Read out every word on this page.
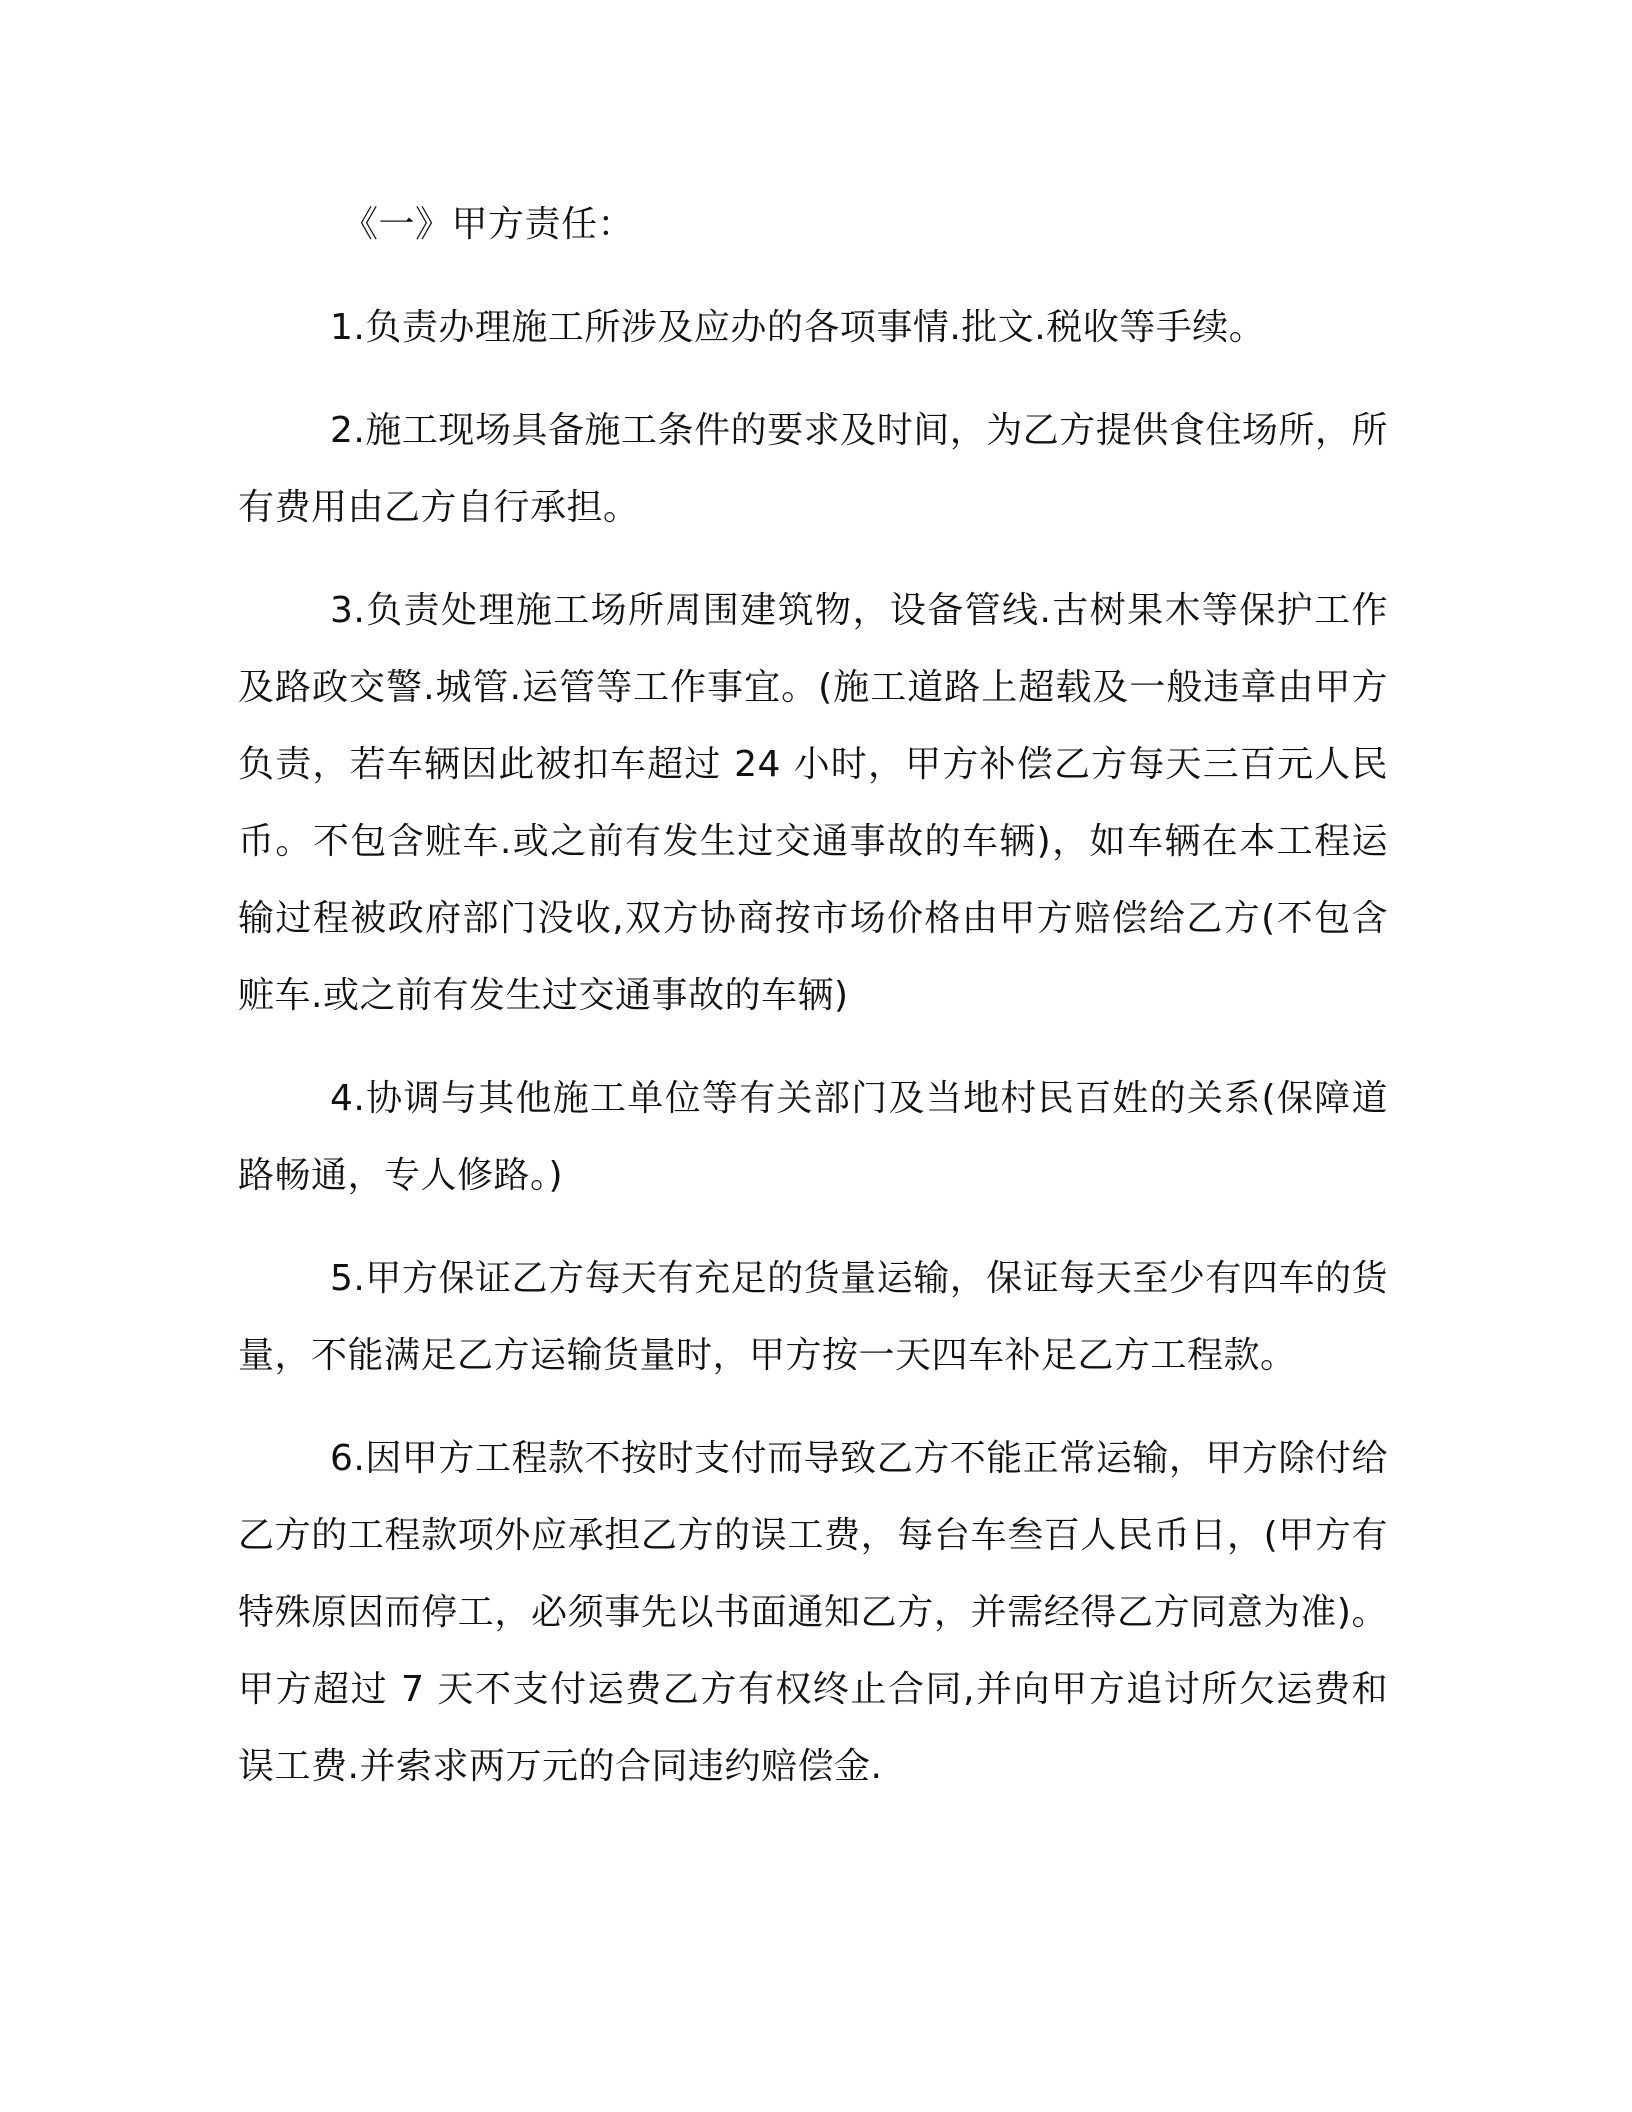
《一》甲方责任：

1.负责办理施工所涉及应办的各项事情.批文.税收等手续。

2.施工现场具备施工条件的要求及时间，为乙方提供食住场所，所有费用由乙方自行承担。

3.负责处理施工场所周围建筑物，设备管线.古树果木等保护工作及路政交警.城管.运管等工作事宜。(施工道路上超载及一般违章由甲方负责，若车辆因此被扣车超过 24 小时，甲方补偿乙方每天三百元人民币。不包含赃车.或之前有发生过交通事故的车辆)，如车辆在本工程运输过程被政府部门没收,双方协商按市场价格由甲方赔偿给乙方(不包含赃车.或之前有发生过交通事故的车辆)

4.协调与其他施工单位等有关部门及当地村民百姓的关系(保障道路畅通，专人修路。)

5.甲方保证乙方每天有充足的货量运输，保证每天至少有四车的货量，不能满足乙方运输货量时，甲方按一天四车补足乙方工程款。

6.因甲方工程款不按时支付而导致乙方不能正常运输，甲方除付给乙方的工程款项外应承担乙方的误工费，每台车叁百人民币日，(甲方有特殊原因而停工，必须事先以书面通知乙方，并需经得乙方同意为准)。甲方超过 7 天不支付运费乙方有权终止合同,并向甲方追讨所欠运费和误工费.并索求两万元的合同违约赔偿金.
